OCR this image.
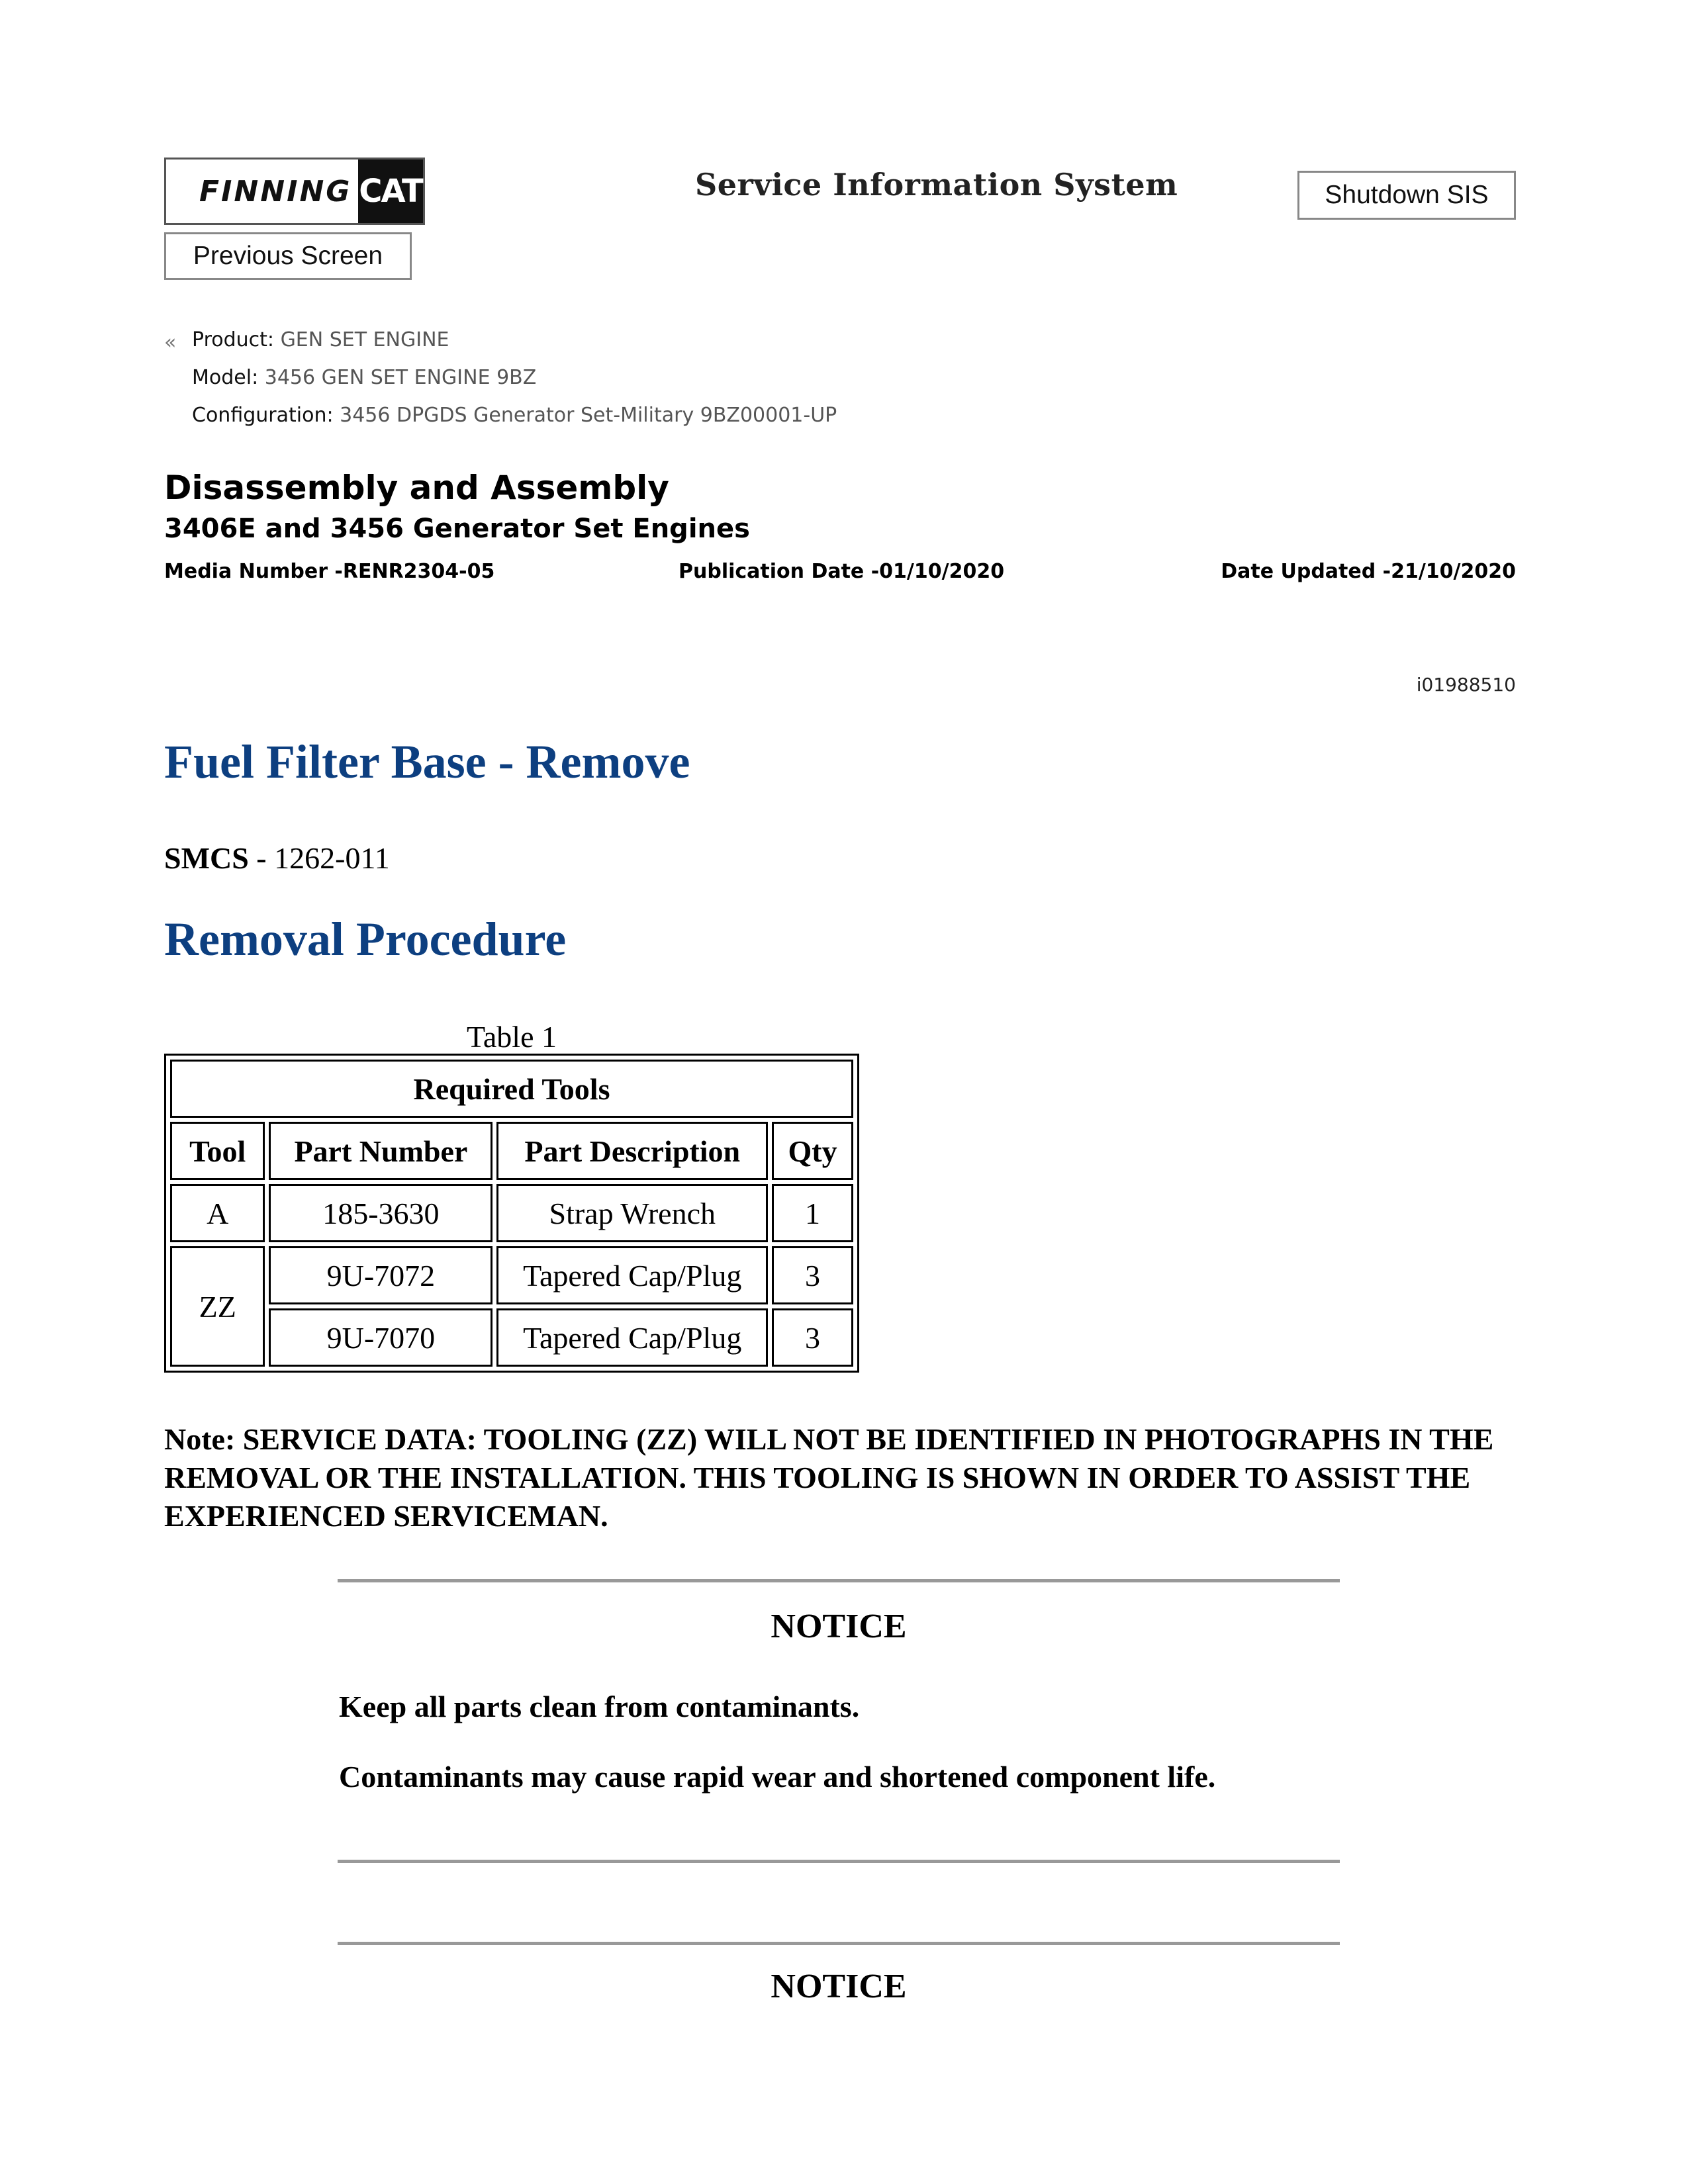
FINNING CAT	Service Information System	Shutdown SIS
Previous Screen
« Product: GEN SET ENGINE
Model: 3456 GEN SET ENGINE 9BZ
Configuration: 3456 DPGDS Generator Set-Military 9BZ00001-UP
Disassembly and Assembly
3406E and 3456 Generator Set Engines
Media Number -RENR2304-05	Publication Date -01/10/2020	Date Updated -21/10/2020
i01988510
Fuel Filter Base - Remove
SMCS - 1262-011
Removal Procedure
Table 1
Required Tools			
Tool	Part Number	Part Description	Qty
A	185-3630	Strap Wrench	1
ZZ	9U-7072	Tapered Cap/Plug	3
	9U-7070	Tapered Cap/Plug	3
Note: SERVICE DATA: TOOLING (ZZ) WILL NOT BE IDENTIFIED IN PHOTOGRAPHS IN THE REMOVAL OR THE INSTALLATION. THIS TOOLING IS SHOWN IN ORDER TO ASSIST THE EXPERIENCED SERVICEMAN.
NOTICE
Keep all parts clean from contaminants.
Contaminants may cause rapid wear and shortened component life.
NOTICE
